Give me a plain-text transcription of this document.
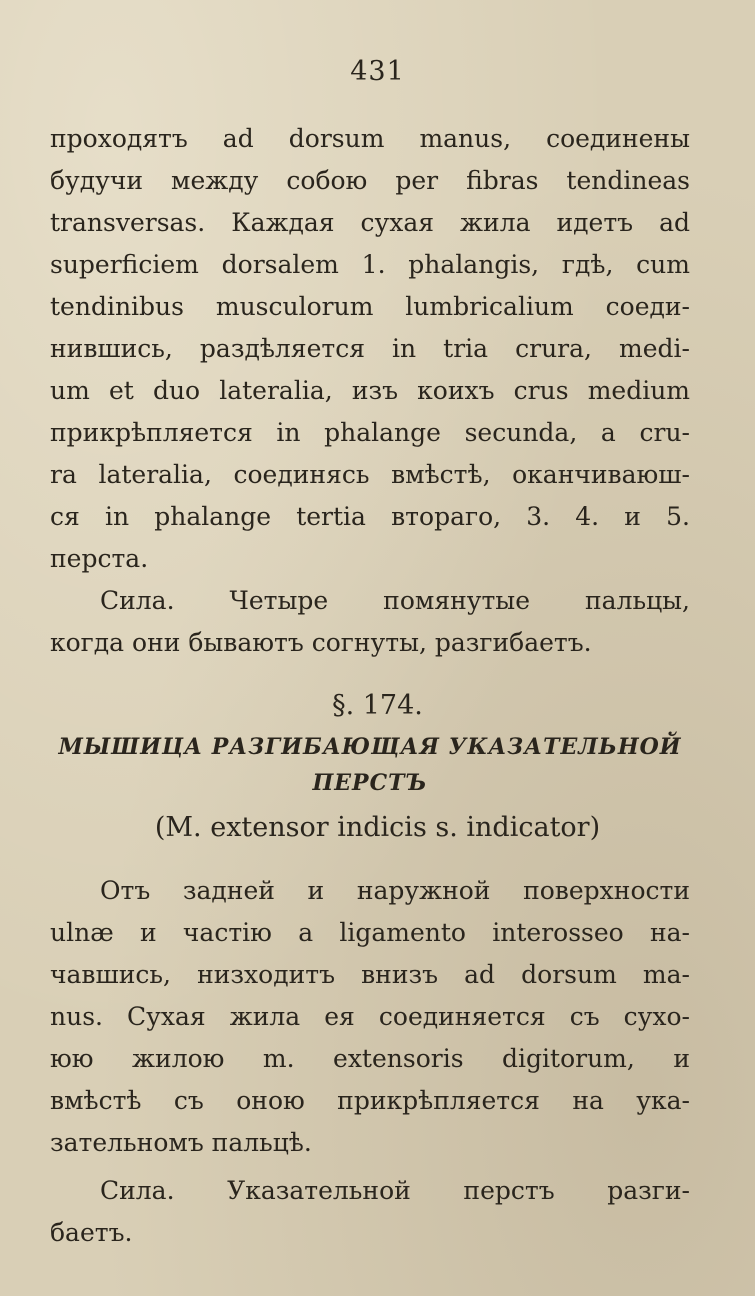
431
проходятъ ad dorsum manus, соединены
будучи между собою per fibras tendineas
transversas. Каждая сухая жила идетъ ad
superficiem dorsalem 1. phalangis, гдѣ, cum
tendinibus musculorum lumbricalium соеди-
нившись, раздѣляется in tria crura, medi-
um et duo lateralia, изъ коихъ crus medium
прикрѣпляется in phalange secunda, а cru-
ra lateralia, соединясь вмѣстѣ, оканчиваюш-
ся in phalange tertia втораго, 3. 4. и 5.
перста.
Сила. Четыре помянутые пальцы,
когда они бываютъ согнуты, разгибаетъ.
§. 174.
МЫШИЦА РАЗГИБАЮЩАЯ УКАЗАТЕЛЬНОЙ
ПЕРСТЪ
(M. extensor indicis s. indicator)
Отъ задней и наружной поверхности
ulnæ и частію a ligamento interosseo на-
чавшись, низходитъ внизъ ad dorsum ma-
nus. Сухая жила ея соединяется съ сухо-
юю жилою m. extensoris digitorum, и
вмѣстѣ съ оною прикрѣпляется на ука-
зательномъ пальцѣ.
Сила. Указательной перстъ разги-
баетъ.
